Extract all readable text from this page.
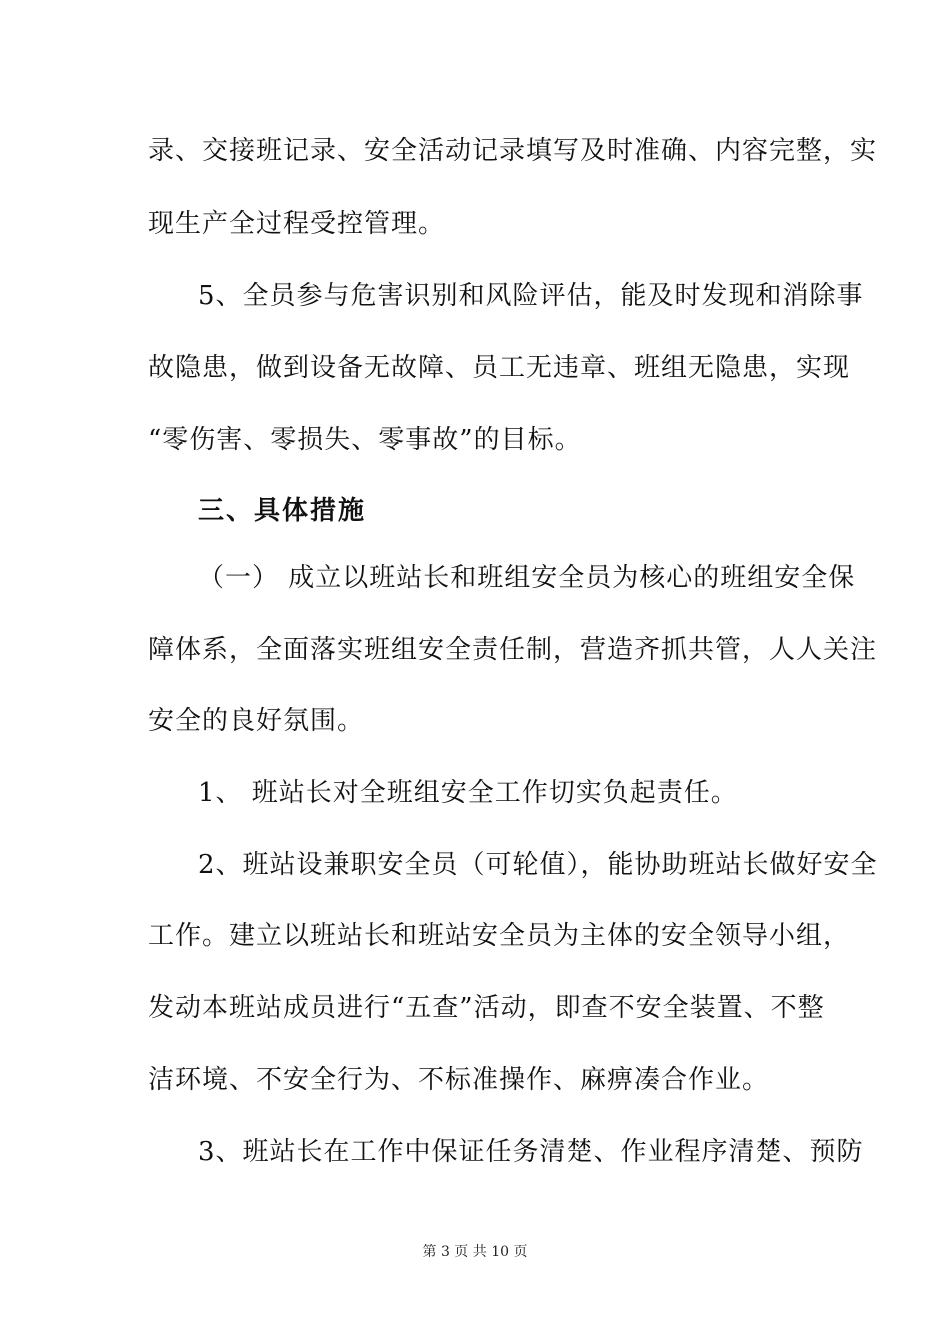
录、交接班记录、安全活动记录填写及时准确、内容完整，实
现生产全过程受控管理。
5、全员参与危害识别和风险评估，能及时发现和消除事
故隐患，做到设备无故障、员工无违章、班组无隐患，实现
“零伤害、零损失、零事故”的目标。
三、具体措施
（一） 成立以班站长和班组安全员为核心的班组安全保
障体系，全面落实班组安全责任制，营造齐抓共管，人人关注
安全的良好氛围。
1、 班站长对全班组安全工作切实负起责任。
2、班站设兼职安全员（可轮值），能协助班站长做好安全
工作。建立以班站长和班站安全员为主体的安全领导小组，
发动本班站成员进行“五查”活动，即查不安全装置、不整
洁环境、不安全行为、不标准操作、麻痹凑合作业。
3、班站长在工作中保证任务清楚、作业程序清楚、预防
第 3 页 共 10 页
